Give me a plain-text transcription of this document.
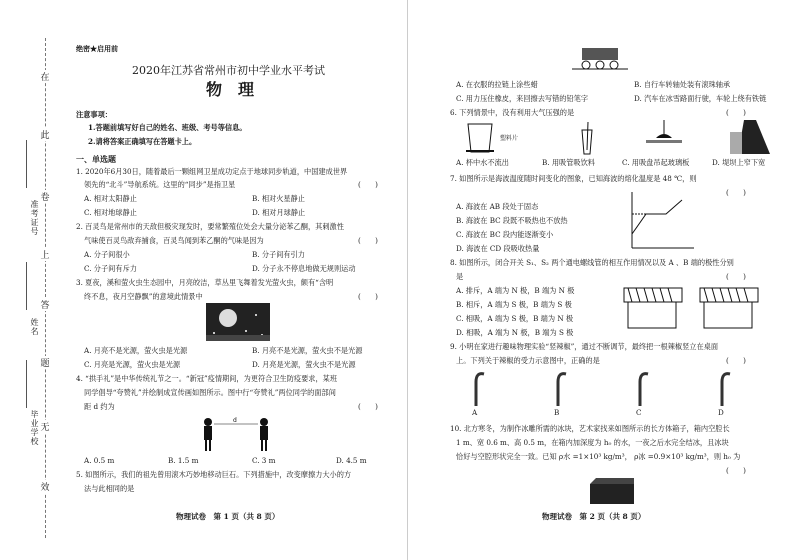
在
此
卷
上
答
题
无
效
准考证号
姓名
毕业学校
绝密★启用前
2020年江苏省常州市初中学业水平考试
物　理
注意事项：
1.答题前填写好自己的姓名、班级、考号等信息。
2.请将答案正确填写在答题卡上。
一、单选题
1. 2020年6月30日，随着最后一颗组网卫星成功定点于地球同步轨道，中国建成世界
领先的“北斗”导航系统。这里的“同步”是指卫星	(　　)
A. 相对太阳静止	B. 相对火星静止
C. 相对地球静止	D. 相对月球静止
2. 百灵鸟是常州市的天敌但极灾现发时，要常繁殖位处会大量分泌苯乙酮，其刺激性
气味使百灵鸟敌弃捕食，百灵鸟闻到苯乙酮的气味是因为	(　　)
A. 分子间很小	B. 分子间有引力
C. 分子间有斥力	D. 分子永不停息地做无规则运动
3. 夏夜，溪和萤火虫生态园中，月亮皎洁，草丛里飞舞着发光萤火虫，颇有“含明
终不息，夜月空静飘”的意境此情景中	(　　)
A. 月亮不是光源，萤火虫是光源	B. 月亮不是光源，萤火虫不是光源
C. 月亮是光源，萤火虫是光源	D. 月亮是光源，萤火虫不是光源
4. “拱手礼”是中华传统礼节之一。“新冠”疫情期间，为更符合卫生防疫要求，某班
同学倡导“夸赞礼”并绘制成宣传画如图所示。图中行“夸赞礼”两位同学的面部间
距 d 约为	(　　)
d
A. 0.5 m	B. 1.5 m	C. 3 m	D. 4.5 m
5. 如图所示，我们的祖先曾用滚木巧妙地移动巨石。下列措施中，改变摩擦力大小的方
法与此相同的是
物理试卷　第 1 页（共 8 页）
A. 在衣服的拉链上涂些蜡	B. 自行车转轴处装有滚珠轴承
C. 用力压住橡皮，来回擦去写错的铅笔字	D. 汽车在冰雪路面行驶，车轮上绕有铁链
6. 下列情景中，没有利用大气压强的是	(　　)
塑料片
A. 杯中水不流出	B. 用吸管吸饮料	C. 用吸盘吊起玻璃板	D. 堤坝上窄下宽
7. 如图所示是海波温度随时间变化的图象，已知海波的熔化温度是 48 ℃，则
(　　)
A. 海波在 AB 段处于固态
B. 海波在 BC 段既不吸热也不放热
C. 海波在 BC 段内能逐渐变小
D. 海波在 CD 段吸收热量
8. 如图所示，闭合开关 S₁、S₂ 两个通电螺线管的相互作用情况以及 A 、B 端的极性分别
是	(　　)
A. 排斥，A 端为 N 极，B 端为 N 极
B. 相斥，A 端为 S 极，B 端为 S 极
C. 相吸，A 端为 S 极，B 端为 N 极
D. 相吸，A 端为 N 极，B 端为 S 极
9. 小明在家进行趣味物理实验“竖辣椒”，通过不断调节，最终把一根辣椒竖立在桌面
上。下列关于辣椒的受力示意图中，正确的是	(　　)
A	B	C	D
10. 北方寒冬，为制作冰雕所需的冰块，艺术家找来如图所示的长方体箱子，箱内空腔长
1 m、宽 0.6 m、高 0.5 m，在箱内加深度为 h₀ 的水，一夜之后水完全结冰，且冰块
恰好与空腔形状完全一致。已知 ρ水 =1×10³ kg/m³， ρ冰 =0.9×10³ kg/m³，则 h₀ 为
(　　)
物理试卷　第 2 页（共 8 页）
